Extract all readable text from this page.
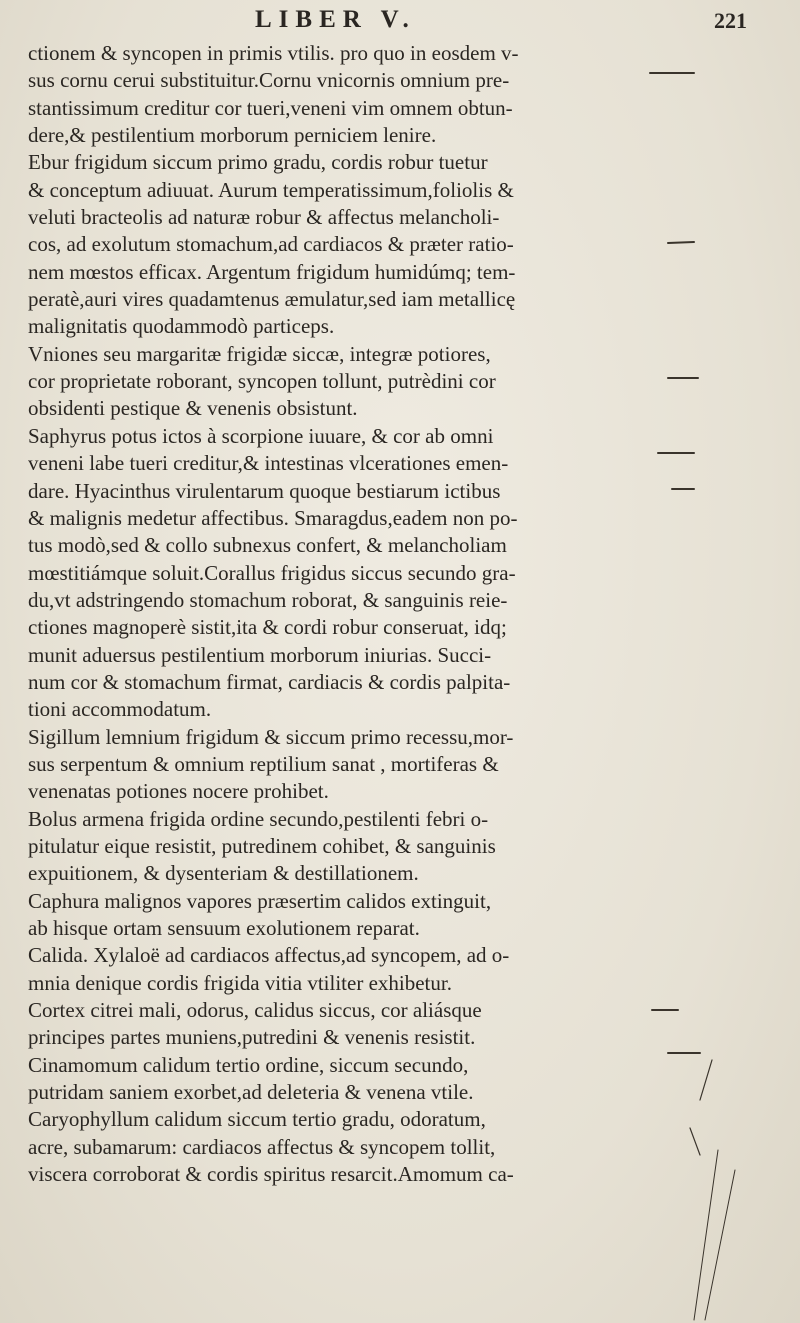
LIBER V.	221
ctionem & syncopen in primis vtilis. pro quo in eosdem v-
sus cornu cerui substituitur.Cornu vnicornis omnium pre-
stantissimum creditur cor tueri,veneni vim omnem obtun-
dere,& pestilentium morborum perniciem lenire.
Ebur frigidum siccum primo gradu, cordis robur tuetur
& conceptum adiuuat. Aurum temperatissimum,foliolis &
veluti bracteolis ad naturæ robur & affectus melancholi-
cos, ad exolutum stomachum,ad cardiacos & præter ratio-
nem mœstos efficax. Argentum frigidum humidúmq; tem-
peratè,auri vires quadamtenus æmulatur,sed iam metallicę
malignitatis quodammodò particeps.
Vniones seu margaritæ frigidæ siccæ, integræ potiores,
cor proprietate roborant, syncopen tollunt, putrèdini cor
obsidenti pestique & venenis obsistunt.
Saphyrus potus ictos à scorpione iuuare, & cor ab omni
veneni labe tueri creditur,& intestinas vlcerationes emen-
dare. Hyacinthus virulentarum quoque bestiarum ictibus
& malignis medetur affectibus. Smaragdus,eadem non po-
tus modò,sed & collo subnexus confert, & melancholiam
mœstitiámque soluit.Corallus frigidus siccus secundo gra-
du,vt adstringendo stomachum roborat, & sanguinis reie-
ctiones magnoperè sistit,ita & cordi robur conseruat, idq;
munit aduersus pestilentium morborum iniurias. Succi-
num cor & stomachum firmat, cardiacis & cordis palpita-
tioni accommodatum.
Sigillum lemnium frigidum & siccum primo recessu,mor-
sus serpentum & omnium reptilium sanat , mortiferas &
venenatas potiones nocere prohibet.
Bolus armena frigida ordine secundo,pestilenti febri o-
pitulatur eique resistit, putredinem cohibet, & sanguinis
expuitionem, & dysenteriam & destillationem.
Caphura malignos vapores præsertim calidos extinguit,
ab hisque ortam sensuum exolutionem reparat.
Calida. Xylaloë ad cardiacos affectus,ad syncopem, ad o-
mnia denique cordis frigida vitia vtiliter exhibetur.
Cortex citrei mali, odorus, calidus siccus, cor aliásque
principes partes muniens,putredini & venenis resistit.
Cinamomum calidum tertio ordine, siccum secundo,
putridam saniem exorbet,ad deleteria & venena vtile.
Caryophyllum calidum siccum tertio gradu, odoratum,
acre, subamarum: cardiacos affectus & syncopem tollit,
viscera corroborat & cordis spiritus resarcit.Amomum ca-
